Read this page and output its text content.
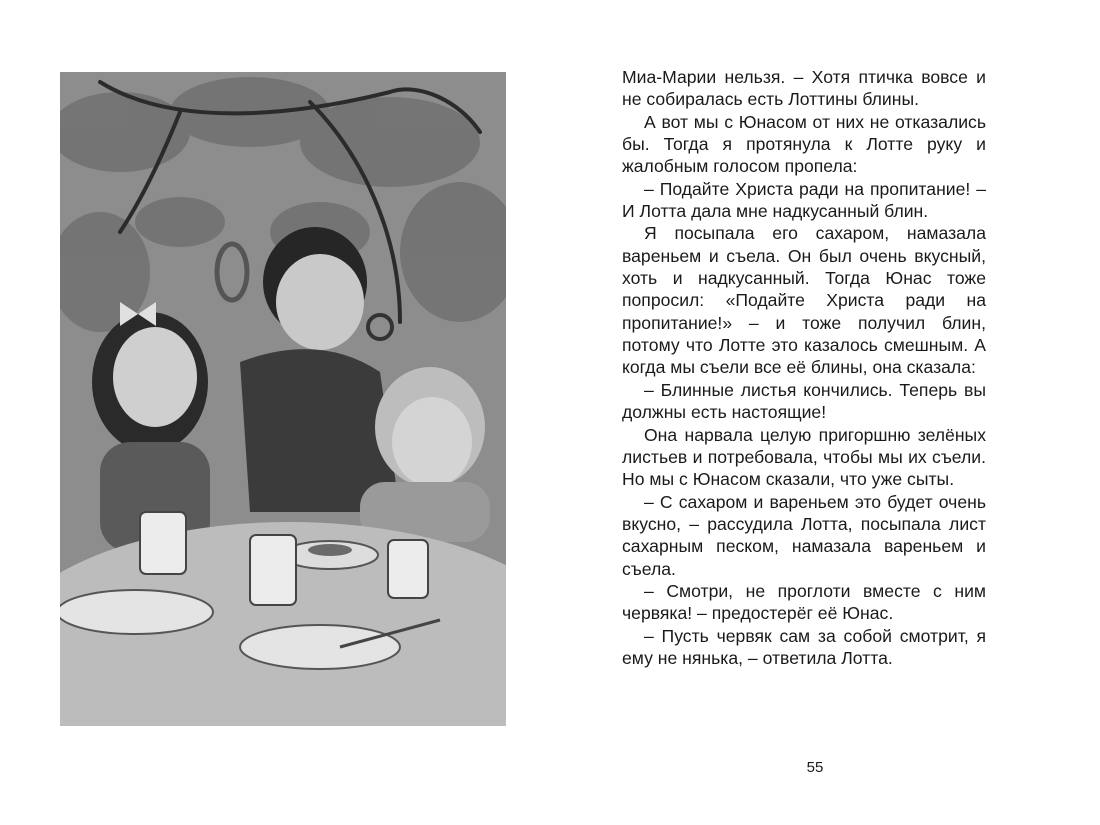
Миа-Марии нельзя. – Хотя птичка вовсе и не собиралась есть Лоттины блины.

А вот мы с Юнасом от них не отказались бы. Тогда я протянула к Лотте руку и жалобным голосом пропела:

– Подайте Христа ради на пропитание! – И Лотта дала мне надкусанный блин.

Я посыпала его сахаром, намазала вареньем и съела. Он был очень вкусный, хоть и надкусанный. Тогда Юнас тоже попросил: «Подайте Христа ради на пропитание!» – и тоже получил блин, потому что Лотте это казалось смешным. А когда мы съели все её блины, она сказала:

– Блинные листья кончились. Теперь вы должны есть настоящие!

Она нарвала целую пригоршню зелёных листьев и потребовала, чтобы мы их съели. Но мы с Юнасом сказали, что уже сыты.

– С сахаром и вареньем это будет очень вкусно, – рассудила Лотта, посыпала лист сахарным песком, намазала вареньем и съела.

– Смотри, не проглоти вместе с ним червяка! – предостерёг её Юнас.

– Пусть червяк сам за собой смотрит, я ему не нянька, – ответила Лотта.

55
